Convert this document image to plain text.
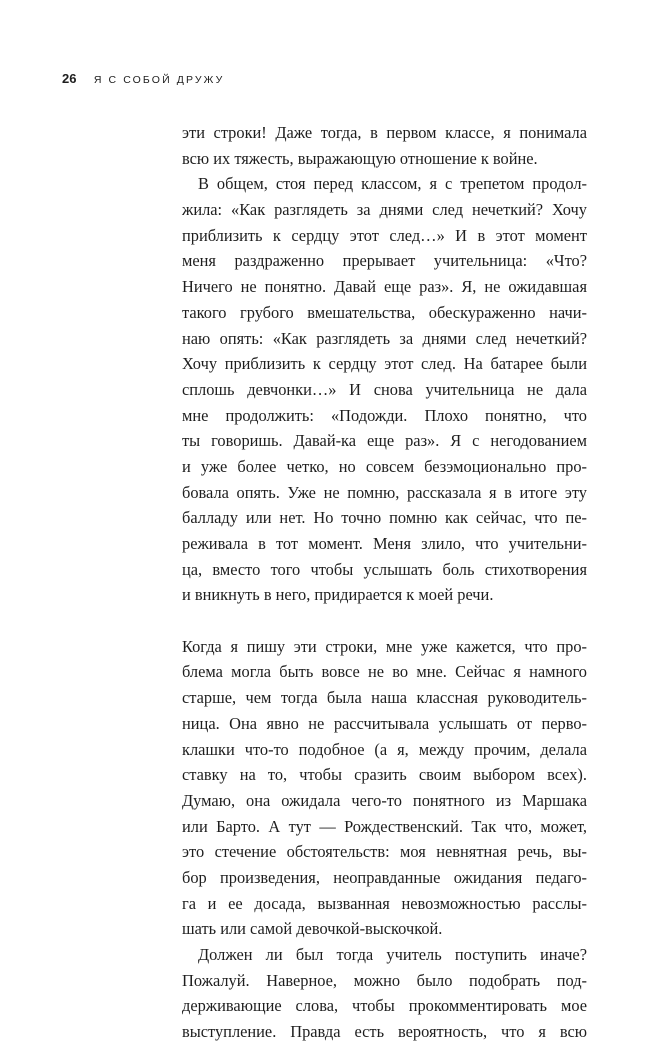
26 Я С СОБОЙ ДРУЖУ
эти строки! Даже тогда, в первом классе, я понимала
всю их тяжесть, выражающую отношение к войне.
В общем, стоя перед классом, я с трепетом продол-
жила: «Как разглядеть за днями след нечеткий? Хочу
приблизить к сердцу этот след…» И в этот момент
меня раздраженно прерывает учительница: «Что?
Ничего не понятно. Давай еще раз». Я, не ожидавшая
такого грубого вмешательства, обескураженно начи-
наю опять: «Как разглядеть за днями след нечеткий?
Хочу приблизить к сердцу этот след. На батарее были
сплошь девчонки…» И снова учительница не дала
мне продолжить: «Подожди. Плохо понятно, что
ты говоришь. Давай-ка еще раз». Я с негодованием
и уже более четко, но совсем безэмоционально про-
бовала опять. Уже не помню, рассказала я в итоге эту
балладу или нет. Но точно помню как сейчас, что пе-
реживала в тот момент. Меня злило, что учительни-
ца, вместо того чтобы услышать боль стихотворения
и вникнуть в него, придирается к моей речи.
Когда я пишу эти строки, мне уже кажется, что про-
блема могла быть вовсе не во мне. Сейчас я намного
старше, чем тогда была наша классная руководитель-
ница. Она явно не рассчитывала услышать от перво-
клашки что-то подобное (а я, между прочим, делала
ставку на то, чтобы сразить своим выбором всех).
Думаю, она ожидала чего-то понятного из Маршака
или Барто. А тут — Рождественский. Так что, может,
это стечение обстоятельств: моя невнятная речь, вы-
бор произведения, неоправданные ожидания педаго-
га и ее досада, вызванная невозможностью расслы-
шать или самой девочкой-выскочкой.
Должен ли был тогда учитель поступить иначе?
Пожалуй. Наверное, можно было подобрать под-
держивающие слова, чтобы прокомментировать мое
выступление. Правда есть вероятность, что я всю
